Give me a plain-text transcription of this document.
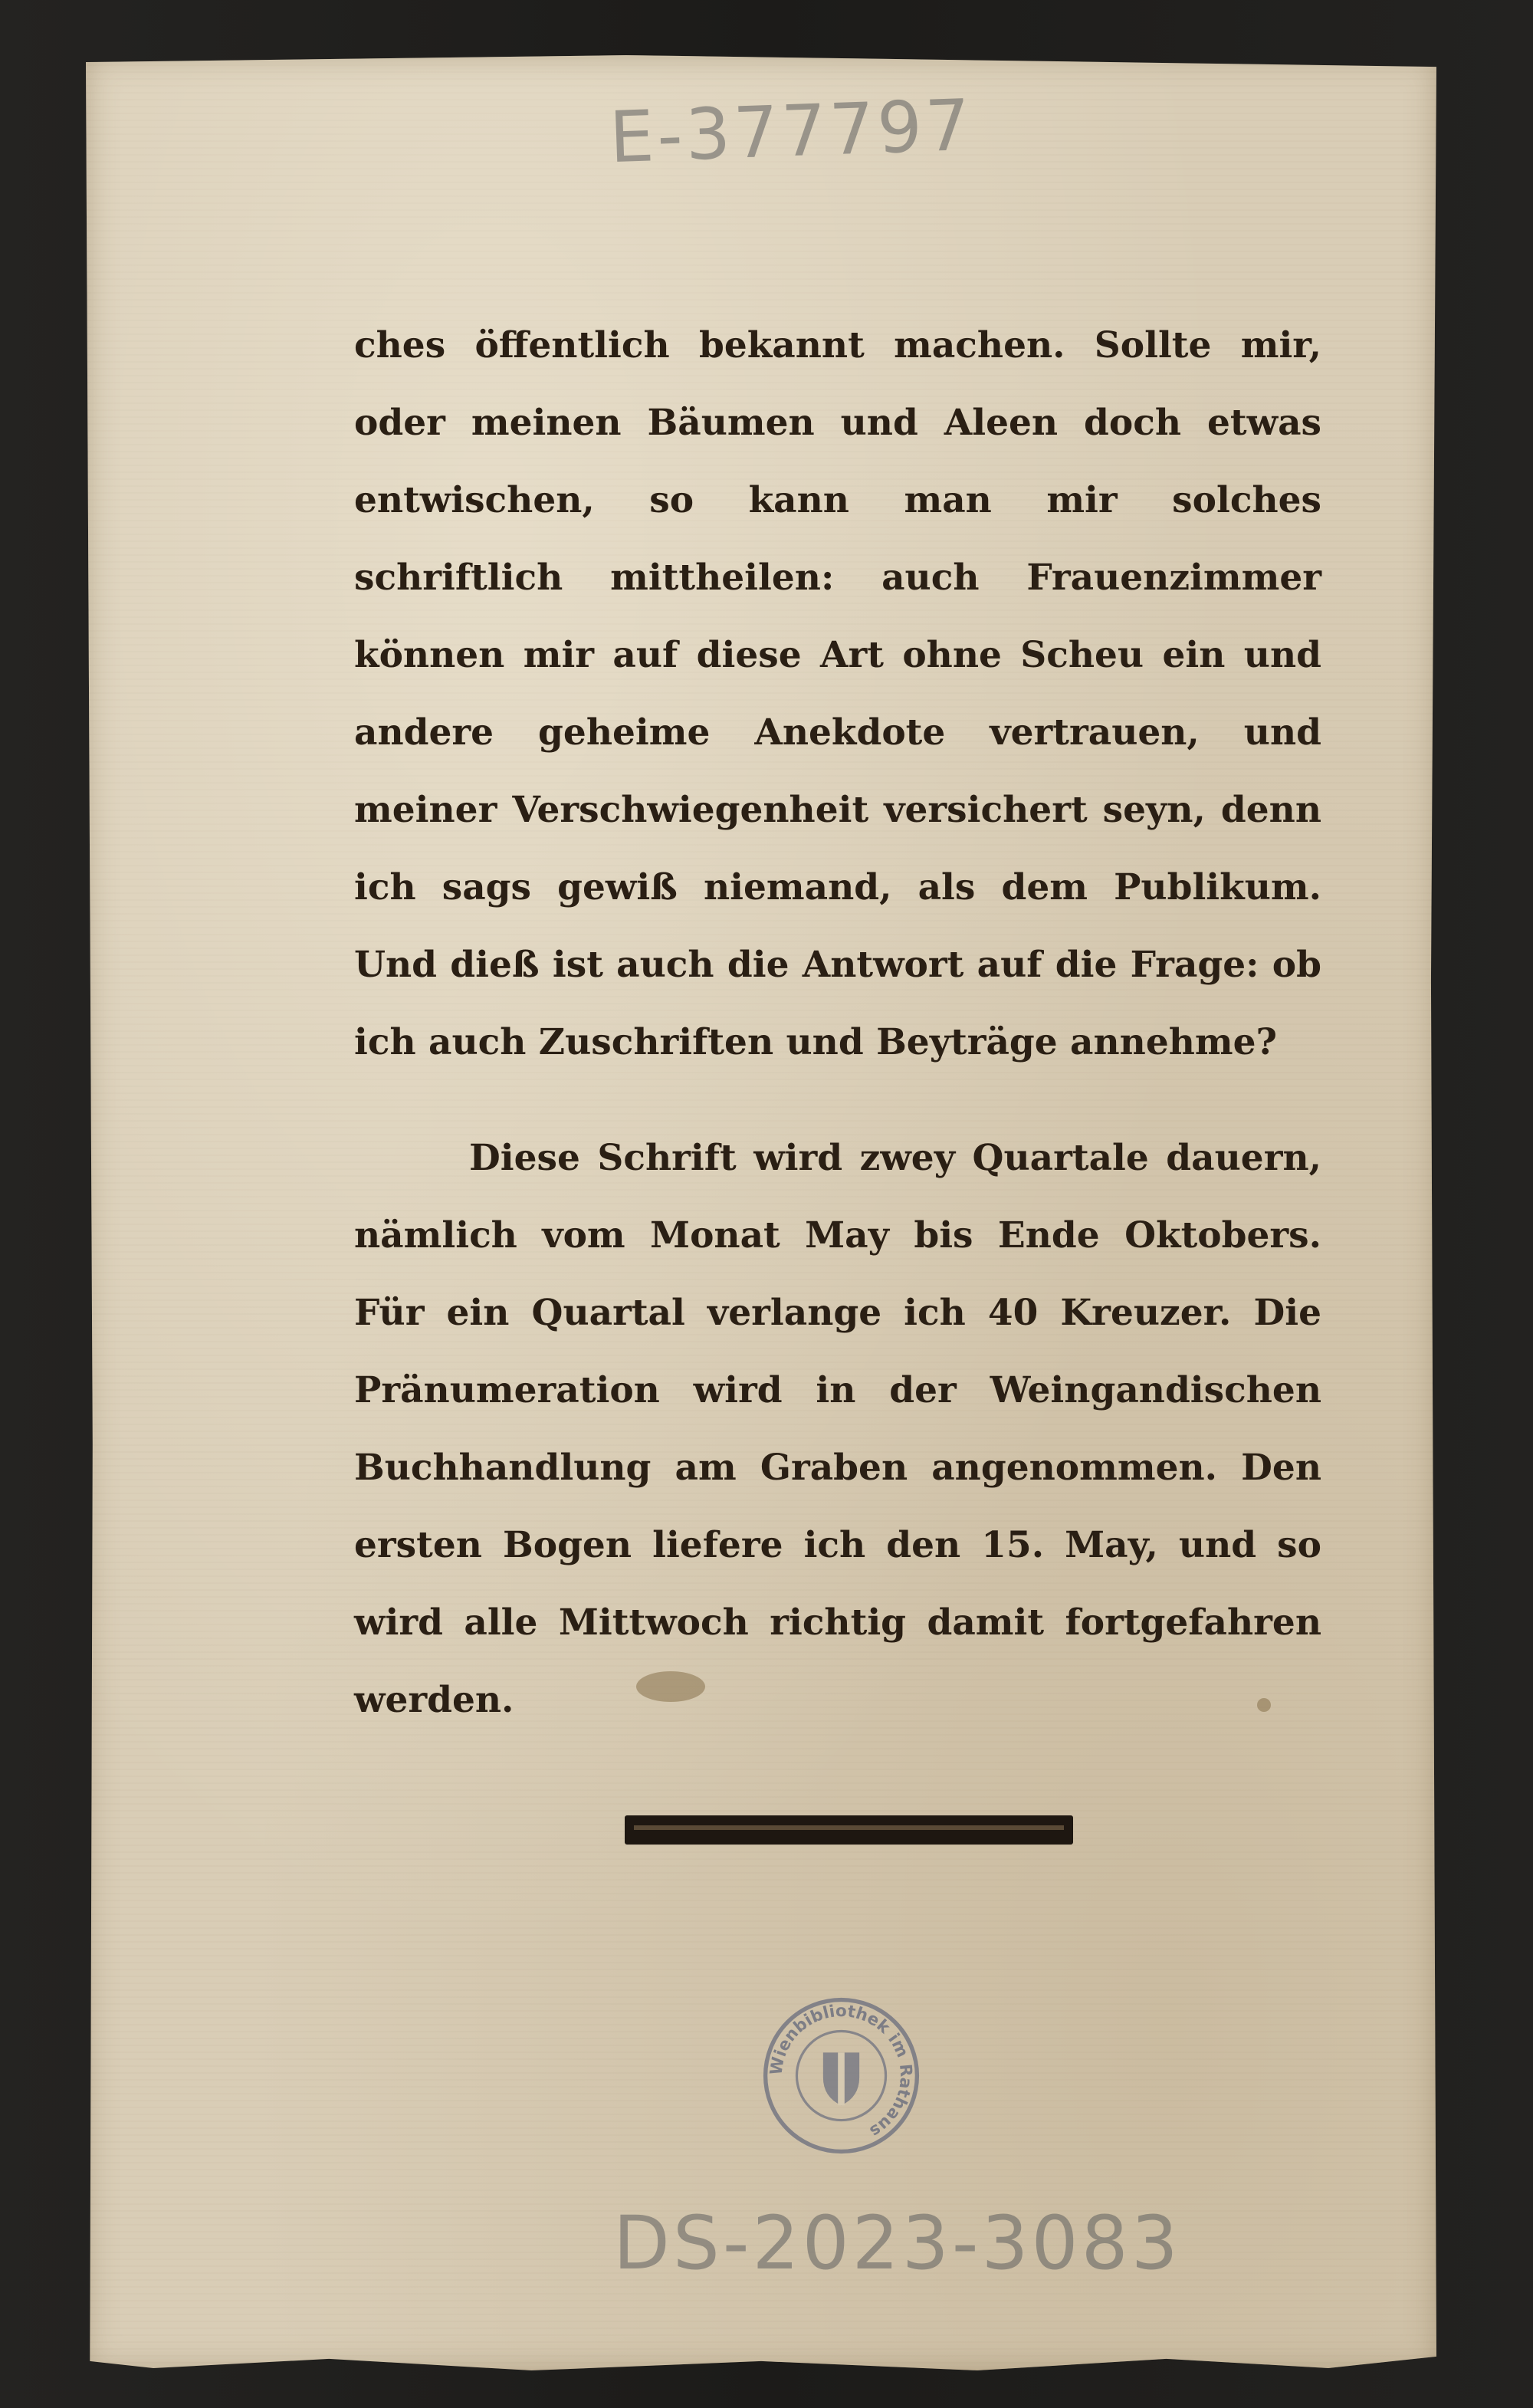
E-377797

ches öffentlich bekannt machen. Sollte mir, oder meinen Bäumen und Aleen doch etwas entwischen, so kann man mir solches schriftlich mittheilen: auch Frauenzimmer können mir auf diese Art ohne Scheu ein und andere geheime Anekdote vertrauen, und meiner Verschwiegenheit versichert seyn, denn ich sags gewiß niemand, als dem Publikum. Und dieß ist auch die Antwort auf die Frage: ob ich auch Zuschriften und Beyträge annehme?

Diese Schrift wird zwey Quartale dauern, nämlich vom Monat May bis Ende Oktobers. Für ein Quartal verlange ich 40 Kreuzer. Die Pränumeration wird in der Weingandischen Buchhandlung am Graben angenommen. Den ersten Bogen liefere ich den 15. May, und so wird alle Mittwoch richtig damit fortgefahren werden.

Wienbibliothek im Rathaus
DS-2023-3083
